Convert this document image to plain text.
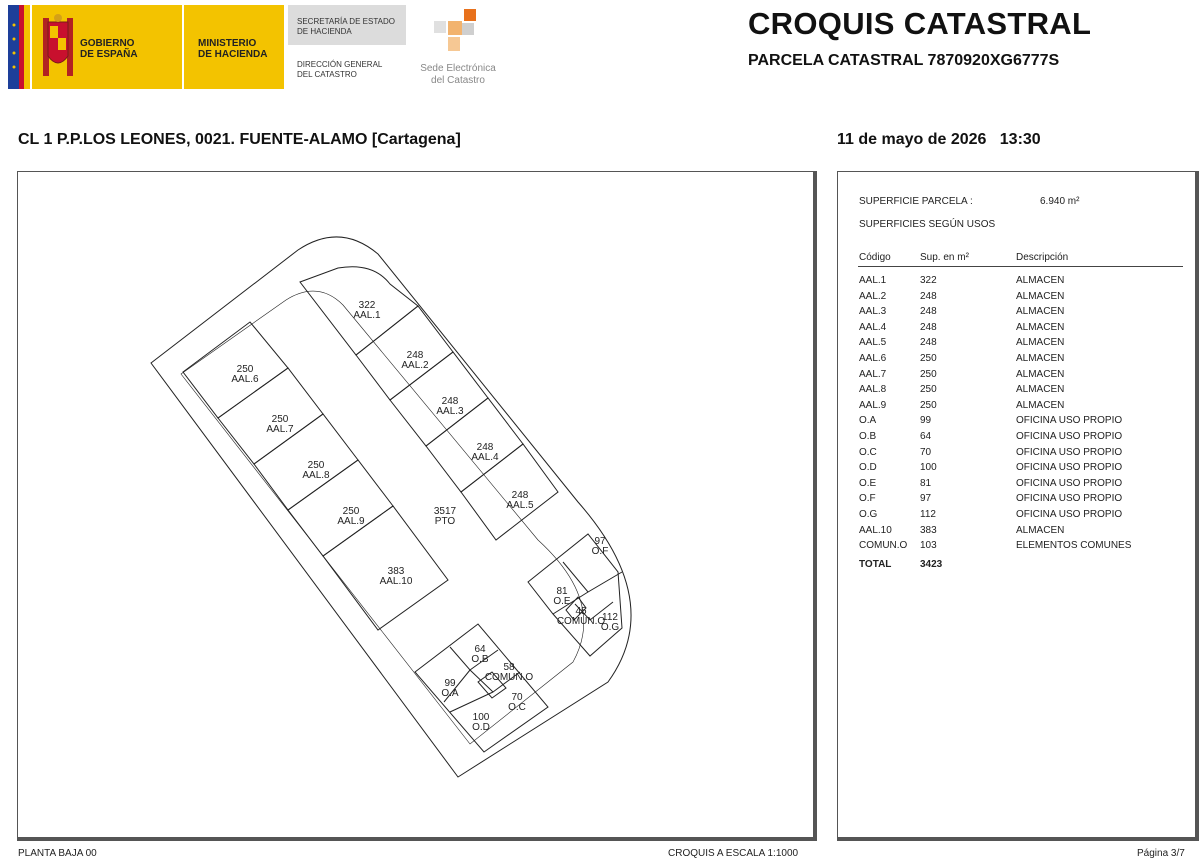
GOBIERNO
DE ESPAÑA
MINISTERIO
DE HACIENDA
SECRETARÍA DE ESTADO
DE HACIENDA
DIRECCIÓN GENERAL
DEL CATASTRO
Sede Electrónica
del Catastro
CROQUIS CATASTRAL
PARCELA CATASTRAL 7870920XG6777S
CL 1 P.P.LOS LEONES, 0021. FUENTE-ALAMO [Cartagena]	11 de mayo de 2026 13:30
322
AAL.1
248
AAL.2
248
AAL.3
248
AAL.4
248
AAL.5
250
AAL.6
250
AAL.7
250
AAL.8
250
AAL.9
383
AAL.10
3517
PTO
97
O.F
81
O.E
45
COMUN.O
112
O.G
64
O.B
58
COMUN.O
99
O.A	70
O.C
100
O.D
SUPERFICIE PARCELA :	6.940 m²
SUPERFICIES SEGÚN USOS
Código	Sup. en m²	Descripción
AAL.1	322	ALMACEN
AAL.2	248	ALMACEN
AAL.3	248	ALMACEN
AAL.4	248	ALMACEN
AAL.5	248	ALMACEN
AAL.6	250	ALMACEN
AAL.7	250	ALMACEN
AAL.8	250	ALMACEN
AAL.9	250	ALMACEN
O.A	99	OFICINA USO PROPIO
O.B	64	OFICINA USO PROPIO
O.C	70	OFICINA USO PROPIO
O.D	100	OFICINA USO PROPIO
O.E	81	OFICINA USO PROPIO
O.F	97	OFICINA USO PROPIO
O.G	112	OFICINA USO PROPIO
AAL.10	383	ALMACEN
COMUN.O 103	ELEMENTOS COMUNES
TOTAL	3423
PLANTA BAJA 00	CROQUIS A ESCALA 1:1000	Página 3/7
